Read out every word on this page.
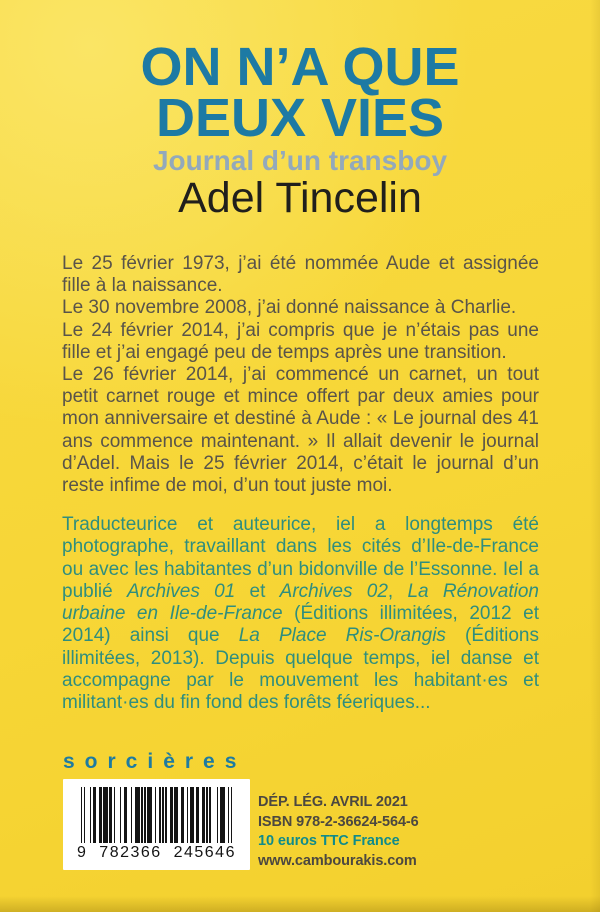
ON N’A QUE
DEUX VIES
Journal d’un transboy
Adel Tincelin

Le 25 février 1973, j’ai été nommée Aude et assignée fille à la naissance.

Le 30 novembre 2008, j’ai donné naissance à Charlie.

Le 24 février 2014, j’ai compris que je n’étais pas une fille et j’ai engagé peu de temps après une transition.

Le 26 février 2014, j’ai commencé un carnet, un tout petit carnet rouge et mince offert par deux amies pour mon anniversaire et destiné à Aude : « Le journal des 41 ans commence maintenant. » Il allait devenir le journal d’Adel. Mais le 25 février 2014, c’était le journal d’un reste infime de moi, d’un tout juste moi.

Traducteurice et auteurice, iel a longtemps été photographe, travaillant dans les cités d’Ile-de-France ou avec les habitantes d’un bidonville de l’Essonne. Iel a publié Archives 01 et Archives 02, La Rénovation urbaine en Ile-de-France (Éditions illimitées, 2012 et 2014) ainsi que La Place Ris-Orangis (Éditions illimitées, 2013). Depuis quelque temps, iel danse et accompagne par le mouvement les habitant·es et militant·es du fin fond des forêts féeriques...

sorcières
9  782366  245646
DÉP. LÉG. AVRIL 2021
ISBN 978-2-36624-564-6
10 euros TTC France
www.cambourakis.com
